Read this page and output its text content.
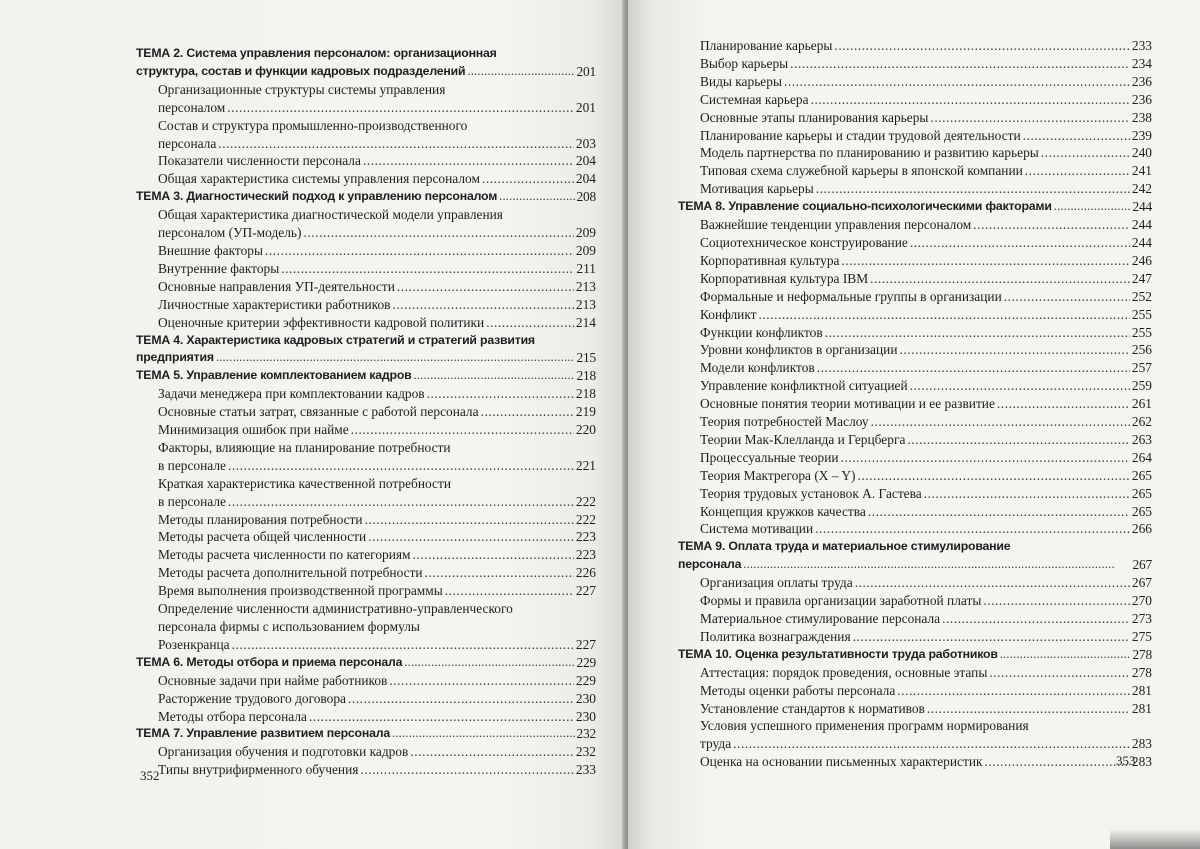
ТЕМА 2. Система управления персоналом: организационная
структура, состав и функции кадровых подразделений . . .	201
Организационные структуры системы управления
персоналом . . .	201
Состав и структура промышленно-производственного
персонала . . .	203
Показатели численности персонала . . .	204
Общая характеристика системы управления персоналом . . .	204
ТЕМА 3. Диагностический подход к управлению персоналом . . .	208
Общая характеристика диагностической модели управления
персоналом (УП-модель) . . .	209
Внешние факторы . . .	209
Внутренние факторы . . .	211
Основные направления УП-деятельности . . .	213
Личностные характеристики работников . . .	213
Оценочные критерии эффективности кадровой политики . . .	214
ТЕМА 4. Характеристика кадровых стратегий и стратегий развития
предприятия . . .	215
ТЕМА 5. Управление комплектованием кадров . . .	218
Задачи менеджера при комплектовании кадров . . .	218
Основные статьи затрат, связанные с работой персонала . . .	219
Минимизация ошибок при найме . . .	220
Факторы, влияющие на планирование потребности
в персонале . . .	221
Краткая характеристика качественной потребности
в персонале . . .	222
Методы планирования потребности . . .	222
Методы расчета общей численности . . .	223
Методы расчета численности по категориям . . .	223
Методы расчета дополнительной потребности . . .	226
Время выполнения производственной программы . . .	227
Определение численности административно-управленческого
персонала фирмы с использованием формулы
Розенкранца . . .	227
ТЕМА 6. Методы отбора и приема персонала . . .	229
Основные задачи при найме работников . . .	229
Расторжение трудового договора . . .	230
Методы отбора персонала . . .	230
ТЕМА 7. Управление развитием персонала . . .	232
Организация обучения и подготовки кадров . . .	232
Типы внутрифирменного обучения . . .	233
352
Планирование карьеры . . .	233
Выбор карьеры . . .	234
Виды карьеры . . .	236
Системная карьера . . .	236
Основные этапы планирования карьеры . . .	238
Планирование карьеры и стадии трудовой деятельности . . .	239
Модель партнерства по планированию и развитию карьеры . . .	240
Типовая схема служебной карьеры в японской компании . . .	241
Мотивация карьеры . . .	242
ТЕМА 8. Управление социально-психологическими факторами . . .	244
Важнейшие тенденции управления персоналом . . .	244
Социотехническое конструирование . . .	244
Корпоративная культура . . .	246
Корпоративная культура IBM . . .	247
Формальные и неформальные группы в организации . . .	252
Конфликт . . .	255
Функции конфликтов . . .	255
Уровни конфликтов в организации . . .	256
Модели конфликтов . . .	257
Управление конфликтной ситуацией . . .	259
Основные понятия теории мотивации и ее развитие . . .	261
Теория потребностей Маслоу . . .	262
Теории Мак-Клелланда и Герцберга . . .	263
Процессуальные теории . . .	264
Теория Мактрегора (X – Y) . . .	265
Теория трудовых установок А. Гастева . . .	265
Концепция кружков качества . . .	265
Система мотивации . . .	266
ТЕМА 9. Оплата труда и материальное стимулирование
персонала . . .	267
Организация оплаты труда . . .	267
Формы и правила организации заработной платы . . .	270
Материальное стимулирование персонала . . .	273
Политика вознаграждения . . .	275
ТЕМА 10. Оценка результативности труда работников . . .	278
Аттестация: порядок проведения, основные этапы . . .	278
Методы оценки работы персонала . . .	281
Установление стандартов к нормативов . . .	281
Условия успешного применения программ нормирования
труда . . .	283
Оценка на основании письменных характеристик . . .	283
353
